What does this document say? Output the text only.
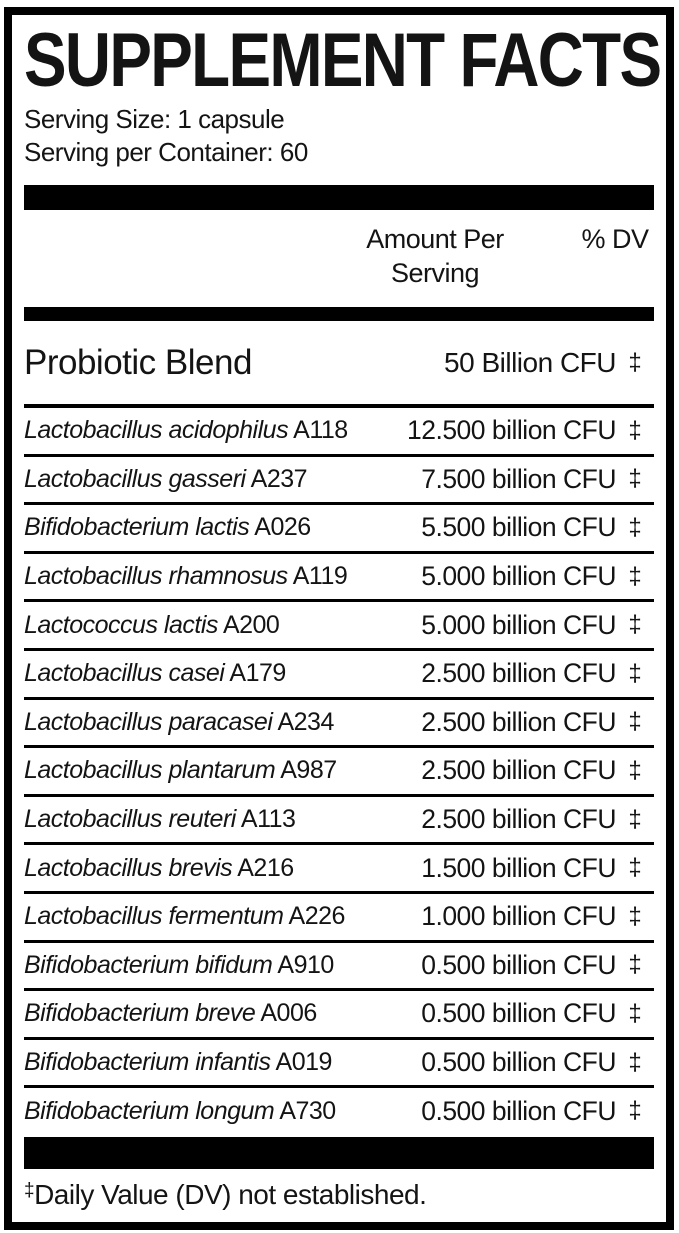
SUPPLEMENT FACTS
Serving Size: 1 capsule
Serving per Container: 60
Amount Per
Serving
% DV
Probiotic Blend	50 Billion CFU ‡
Lactobacillus acidophilus A118	12.500 billion CFU ‡
Lactobacillus gasseri A237	7.500 billion CFU ‡
Bifidobacterium lactis A026	5.500 billion CFU ‡
Lactobacillus rhamnosus A119	5.000 billion CFU ‡
Lactococcus lactis A200	5.000 billion CFU ‡
Lactobacillus casei A179	2.500 billion CFU ‡
Lactobacillus paracasei A234	2.500 billion CFU ‡
Lactobacillus plantarum A987	2.500 billion CFU ‡
Lactobacillus reuteri A113	2.500 billion CFU ‡
Lactobacillus brevis A216	1.500 billion CFU ‡
Lactobacillus fermentum A226	1.000 billion CFU ‡
Bifidobacterium bifidum A910	0.500 billion CFU ‡
Bifidobacterium breve A006	0.500 billion CFU ‡
Bifidobacterium infantis A019	0.500 billion CFU ‡
Bifidobacterium longum A730	0.500 billion CFU ‡
‡ Daily Value (DV) not established.
